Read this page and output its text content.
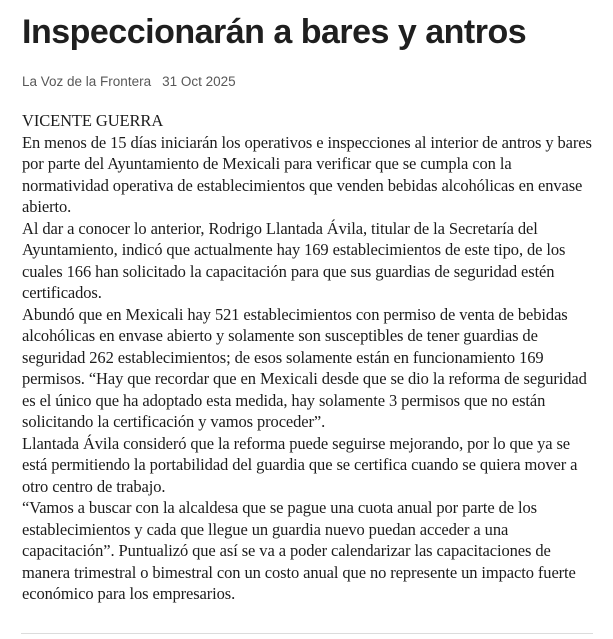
Inspeccionarán a bares y antros
La Voz de la Frontera 31 Oct 2025

VICENTE GUERRA

En menos de 15 días iniciarán los operativos e inspecciones al interior de antros y bares por parte del Ayuntamiento de Mexicali para verificar que se cumpla con la normatividad operativa de establecimientos que venden bebidas alcohólicas en envase abierto.

Al dar a conocer lo anterior, Rodrigo Llantada Ávila, titular de la Secretaría del Ayuntamiento, indicó que actualmente hay 169 establecimientos de este tipo, de los cuales 166 han solicitado la capacitación para que sus guardias de seguridad estén certificados.

Abundó que en Mexicali hay 521 establecimientos con permiso de venta de bebidas alcohólicas en envase abierto y solamente son susceptibles de tener guardias de seguridad 262 establecimientos; de esos solamente están en funcionamiento 169 permisos. “Hay que recordar que en Mexicali desde que se dio la reforma de seguridad es el único que ha adoptado esta medida, hay solamente 3 permisos que no están solicitando la certificación y vamos proceder”.

Llantada Ávila consideró que la reforma puede seguirse mejorando, por lo que ya se está permitiendo la portabilidad del guardia que se certifica cuando se quiera mover a otro centro de trabajo.

“Vamos a buscar con la alcaldesa que se pague una cuota anual por parte de los establecimientos y cada que llegue un guardia nuevo puedan acceder a una capacitación”. Puntualizó que así se va a poder calendarizar las capacitaciones de manera trimestral o bimestral con un costo anual que no represente un impacto fuerte económico para los empresarios.
